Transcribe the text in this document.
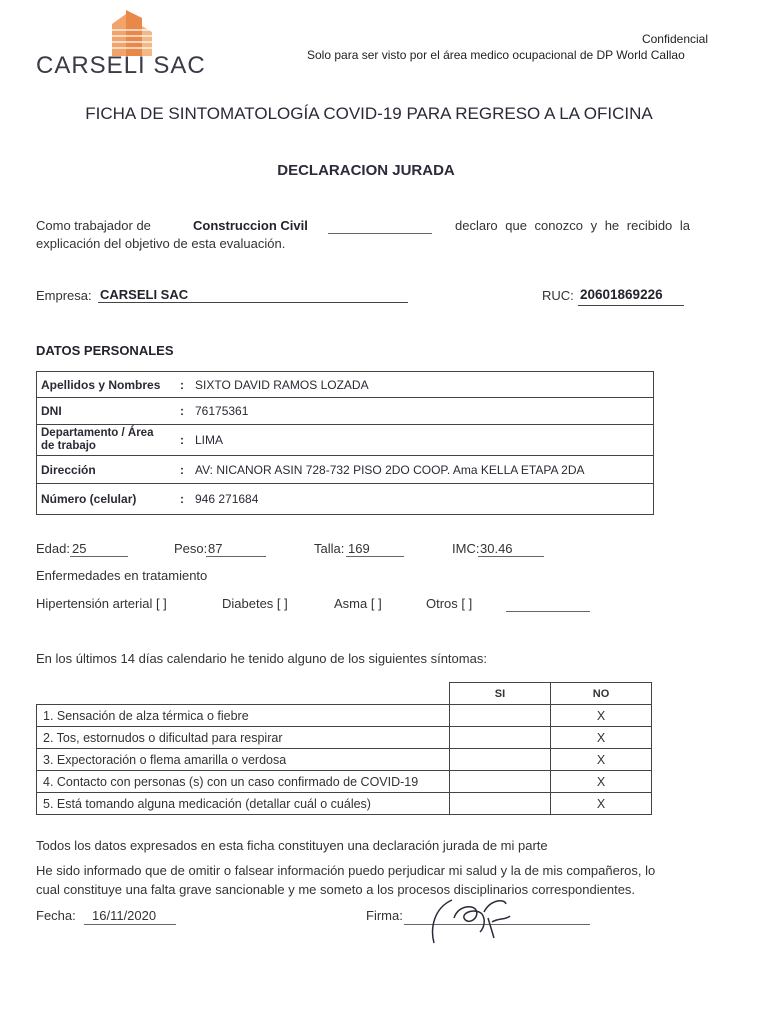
CARSELI SAC
Confidencial
Solo para ser visto por el área medico ocupacional de DP World Callao
FICHA DE SINTOMATOLOGÍA COVID-19 PARA REGRESO A LA OFICINA
DECLARACION JURADA
Como trabajador de	Construccion Civil	declaro que conozco y he recibido la
explicación del objetivo de esta evaluación.
Empresa: CARSELI SAC	RUC: 20601869226
DATOS PERSONALES
Apellidos y Nombres	:	SIXTO DAVID RAMOS LOZADA
DNI	:	76175361
Departamento / Área de trabajo	:	LIMA
Dirección	:	AV: NICANOR ASIN 728-732 PISO 2DO COOP. Ama KELLA ETAPA 2DA
Número (celular)	:	946 271684
Edad: 25	Peso: 87	Talla: 169	IMC: 30.46
Enfermedades en tratamiento
Hipertensión arterial [ ]	Diabetes [ ]	Asma [ ]	Otros [ ]
En los últimos 14 días calendario he tenido alguno de los siguientes síntomas:
	SI	NO
1. Sensación de alza térmica o fiebre		X
2. Tos, estornudos o dificultad para respirar		X
3. Expectoración o flema amarilla o verdosa		X
4. Contacto con personas (s) con un caso confirmado de COVID-19		X
5. Está tomando alguna medicación (detallar cuál o cuáles)		X
Todos los datos expresados en esta ficha constituyen una declaración jurada de mi parte
He sido informado que de omitir o falsear información puedo perjudicar mi salud y la de mis compañeros, lo
cual constituye una falta grave sancionable y me someto a los procesos disciplinarios correspondientes.
Fecha: 16/11/2020	Firma:
